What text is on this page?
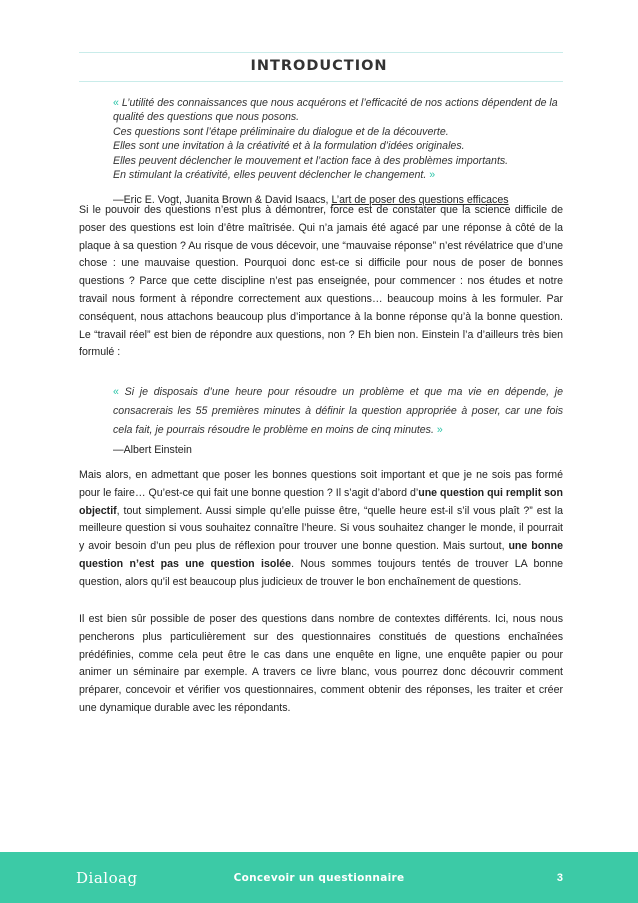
INTRODUCTION
« L’utilité des connaissances que nous acquérons et l’efficacité de nos actions dépendent de la
qualité des questions que nous posons.
Ces questions sont l’étape préliminaire du dialogue et de la découverte.
Elles sont une invitation à la créativité et à la formulation d’idées originales.
Elles peuvent déclencher le mouvement et l’action face à des problèmes importants.
En stimulant la créativité, elles peuvent déclencher le changement. »
—Eric E. Vogt, Juanita Brown & David Isaacs, L’art de poser des questions efficaces

Si le pouvoir des questions n’est plus à démontrer, force est de constater que la science difficile de poser des questions est loin d’être maîtrisée. Qui n’a jamais été agacé par une réponse à côté de la plaque à sa question ? Au risque de vous décevoir, une “mauvaise réponse” n’est révélatrice que d’une chose : une mauvaise question. Pourquoi donc est-ce si difficile pour nous de poser de bonnes questions ? Parce que cette discipline n’est pas enseignée, pour commencer : nos études et notre travail nous forment à répondre correctement aux questions… beaucoup moins à les formuler. Par conséquent, nous attachons beaucoup plus d’importance à la bonne réponse qu’à la bonne question. Le “travail réel” est bien de répondre aux questions, non ? Eh bien non. Einstein l’a d’ailleurs très bien formulé :

« Si je disposais d’une heure pour résoudre un problème et que ma vie en dépende, je consacrerais les 55 premières minutes à définir la question appropriée à poser, car une fois cela fait, je pourrais résoudre le problème en moins de cinq minutes. »
—Albert Einstein

Mais alors, en admettant que poser les bonnes questions soit important et que je ne sois pas formé pour le faire… Qu’est-ce qui fait une bonne question ? Il s’agit d’abord d’une question qui remplit son objectif, tout simplement. Aussi simple qu’elle puisse être, “quelle heure est-il s’il vous plaît ?” est la meilleure question si vous souhaitez connaître l’heure. Si vous souhaitez changer le monde, il pourrait y avoir besoin d’un peu plus de réflexion pour trouver une bonne question. Mais surtout, une bonne question n’est pas une question isolée. Nous sommes toujours tentés de trouver LA bonne question, alors qu’il est beaucoup plus judicieux de trouver le bon enchaînement de questions.

Il est bien sûr possible de poser des questions dans nombre de contextes différents. Ici, nous nous pencherons plus particulièrement sur des questionnaires constitués de questions enchaînées prédéfinies, comme cela peut être le cas dans une enquête en ligne, une enquête papier ou pour animer un séminaire par exemple. A travers ce livre blanc, vous pourrez donc découvrir comment préparer, concevoir et vérifier vos questionnaires, comment obtenir des réponses, les traiter et créer une dynamique durable avec les répondants.

Dialoag	Concevoir un questionnaire	3
